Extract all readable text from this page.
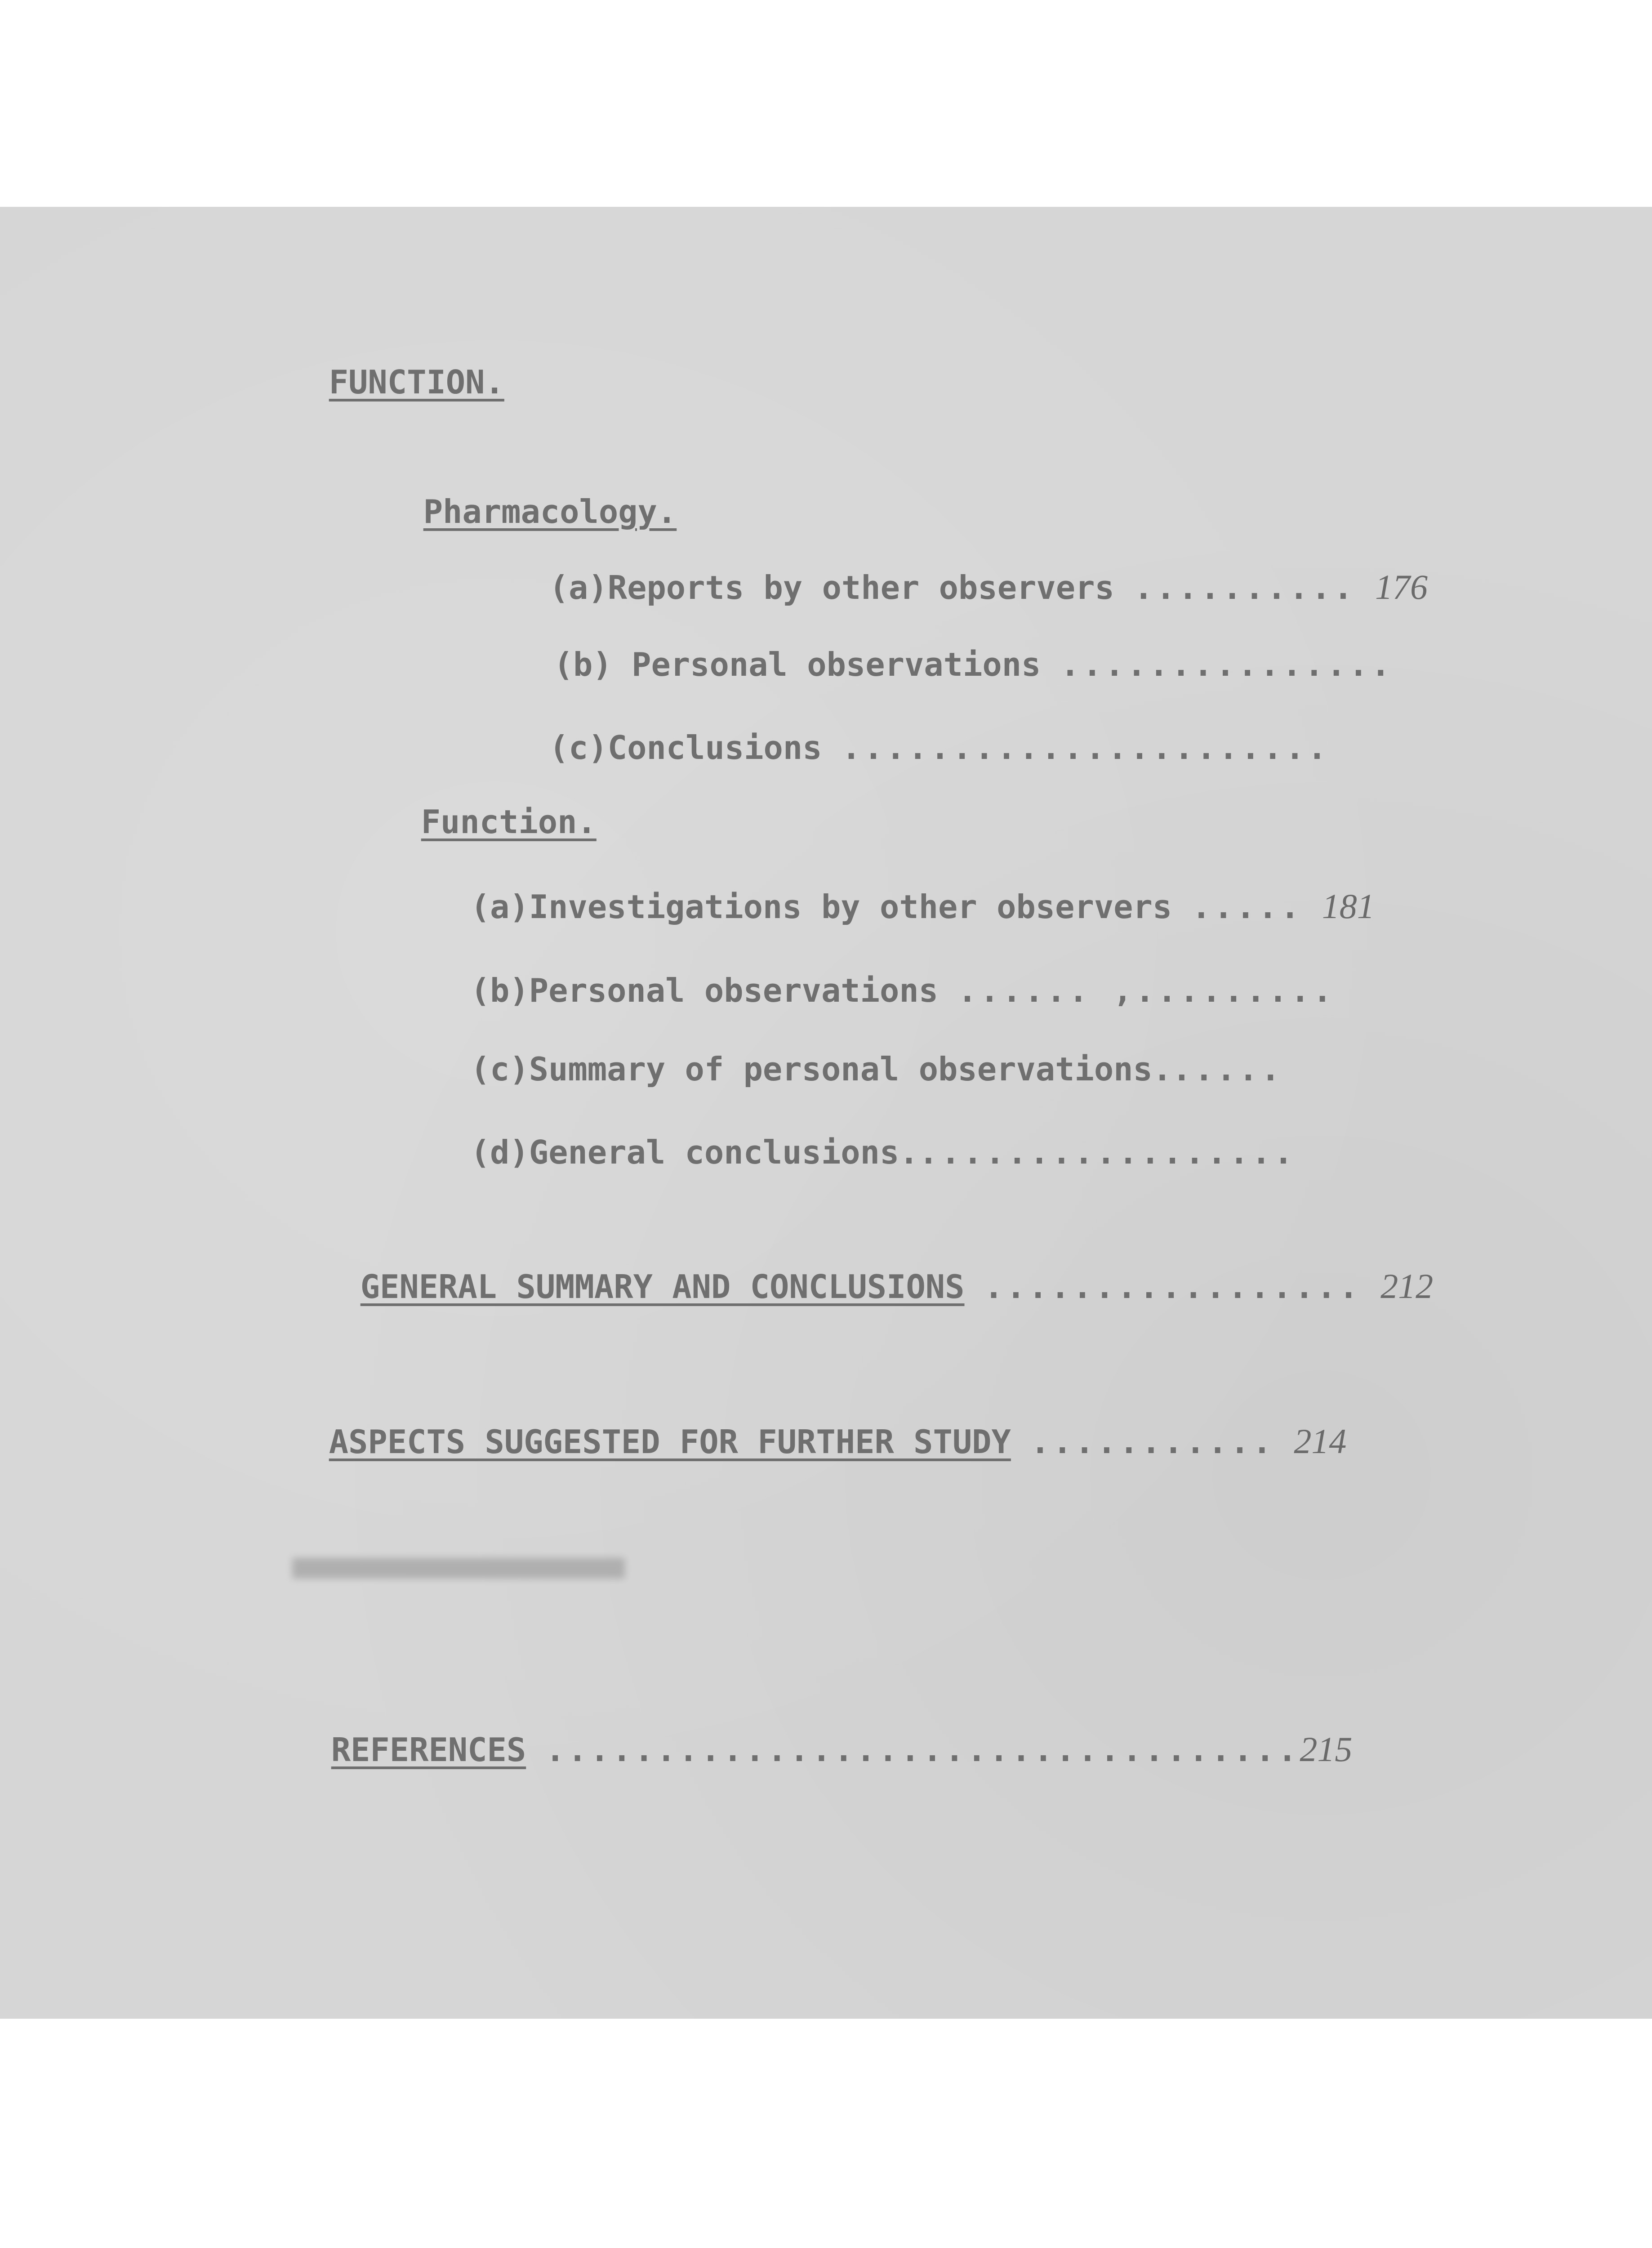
FUNCTION.

Pharmacology.

(a)Reports by other observers .......... 176

(b) Personal observations ...............

(c)Conclusions ......................

Function.

(a)Investigations by other observers ..... 181

(b)Personal observations ...... ,.........

(c)Summary of personal observations......

(d)General conclusions..................

GENERAL SUMMARY AND CONCLUSIONS ................. 212

ASPECTS SUGGESTED FOR FURTHER STUDY ........... 214

REFERENCES ..................................215
